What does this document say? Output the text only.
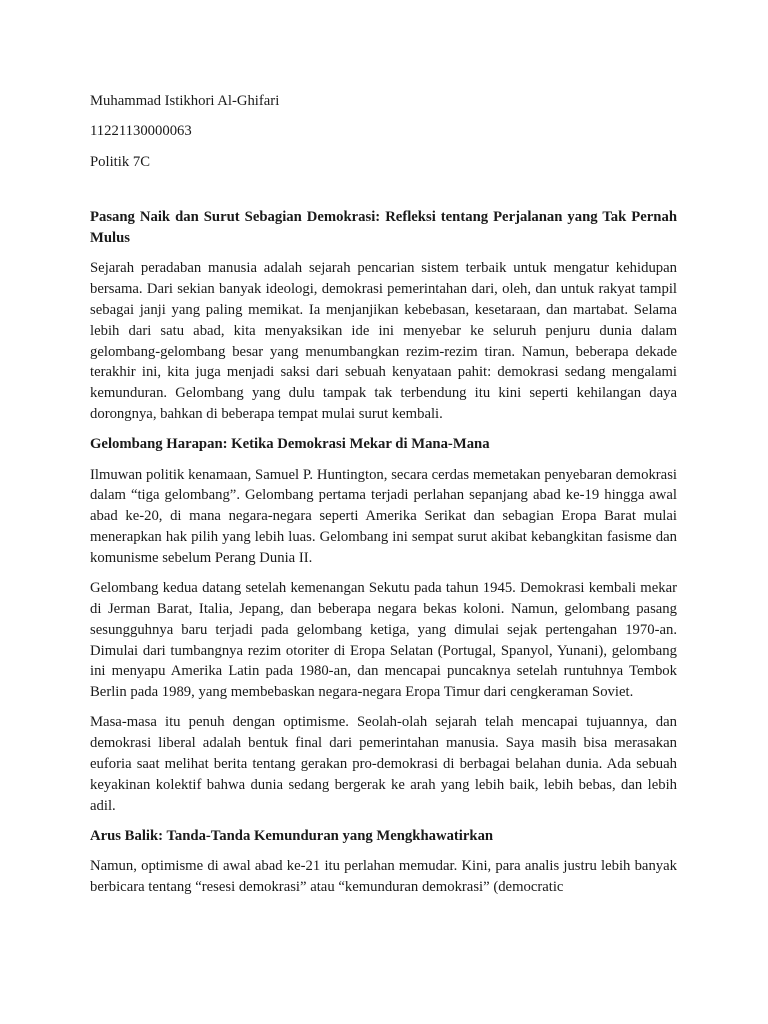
Muhammad Istikhori Al-Ghifari

11221130000063

Politik 7C

Pasang Naik dan Surut Sebagian Demokrasi: Refleksi tentang Perjalanan yang Tak Pernah Mulus

Sejarah peradaban manusia adalah sejarah pencarian sistem terbaik untuk mengatur kehidupan bersama. Dari sekian banyak ideologi, demokrasi pemerintahan dari, oleh, dan untuk rakyat tampil sebagai janji yang paling memikat. Ia menjanjikan kebebasan, kesetaraan, dan martabat. Selama lebih dari satu abad, kita menyaksikan ide ini menyebar ke seluruh penjuru dunia dalam gelombang-gelombang besar yang menumbangkan rezim-rezim tiran. Namun, beberapa dekade terakhir ini, kita juga menjadi saksi dari sebuah kenyataan pahit: demokrasi sedang mengalami kemunduran. Gelombang yang dulu tampak tak terbendung itu kini seperti kehilangan daya dorongnya, bahkan di beberapa tempat mulai surut kembali.

Gelombang Harapan: Ketika Demokrasi Mekar di Mana-Mana

Ilmuwan politik kenamaan, Samuel P. Huntington, secara cerdas memetakan penyebaran demokrasi dalam “tiga gelombang”. Gelombang pertama terjadi perlahan sepanjang abad ke-19 hingga awal abad ke-20, di mana negara-negara seperti Amerika Serikat dan sebagian Eropa Barat mulai menerapkan hak pilih yang lebih luas. Gelombang ini sempat surut akibat kebangkitan fasisme dan komunisme sebelum Perang Dunia II.

Gelombang kedua datang setelah kemenangan Sekutu pada tahun 1945. Demokrasi kembali mekar di Jerman Barat, Italia, Jepang, dan beberapa negara bekas koloni. Namun, gelombang pasang sesungguhnya baru terjadi pada gelombang ketiga, yang dimulai sejak pertengahan 1970-an. Dimulai dari tumbangnya rezim otoriter di Eropa Selatan (Portugal, Spanyol, Yunani), gelombang ini menyapu Amerika Latin pada 1980-an, dan mencapai puncaknya setelah runtuhnya Tembok Berlin pada 1989, yang membebaskan negara-negara Eropa Timur dari cengkeraman Soviet.

Masa-masa itu penuh dengan optimisme. Seolah-olah sejarah telah mencapai tujuannya, dan demokrasi liberal adalah bentuk final dari pemerintahan manusia. Saya masih bisa merasakan euforia saat melihat berita tentang gerakan pro-demokrasi di berbagai belahan dunia. Ada sebuah keyakinan kolektif bahwa dunia sedang bergerak ke arah yang lebih baik, lebih bebas, dan lebih adil.

Arus Balik: Tanda-Tanda Kemunduran yang Mengkhawatirkan

Namun, optimisme di awal abad ke-21 itu perlahan memudar. Kini, para analis justru lebih banyak berbicara tentang “resesi demokrasi” atau “kemunduran demokrasi” (democratic
